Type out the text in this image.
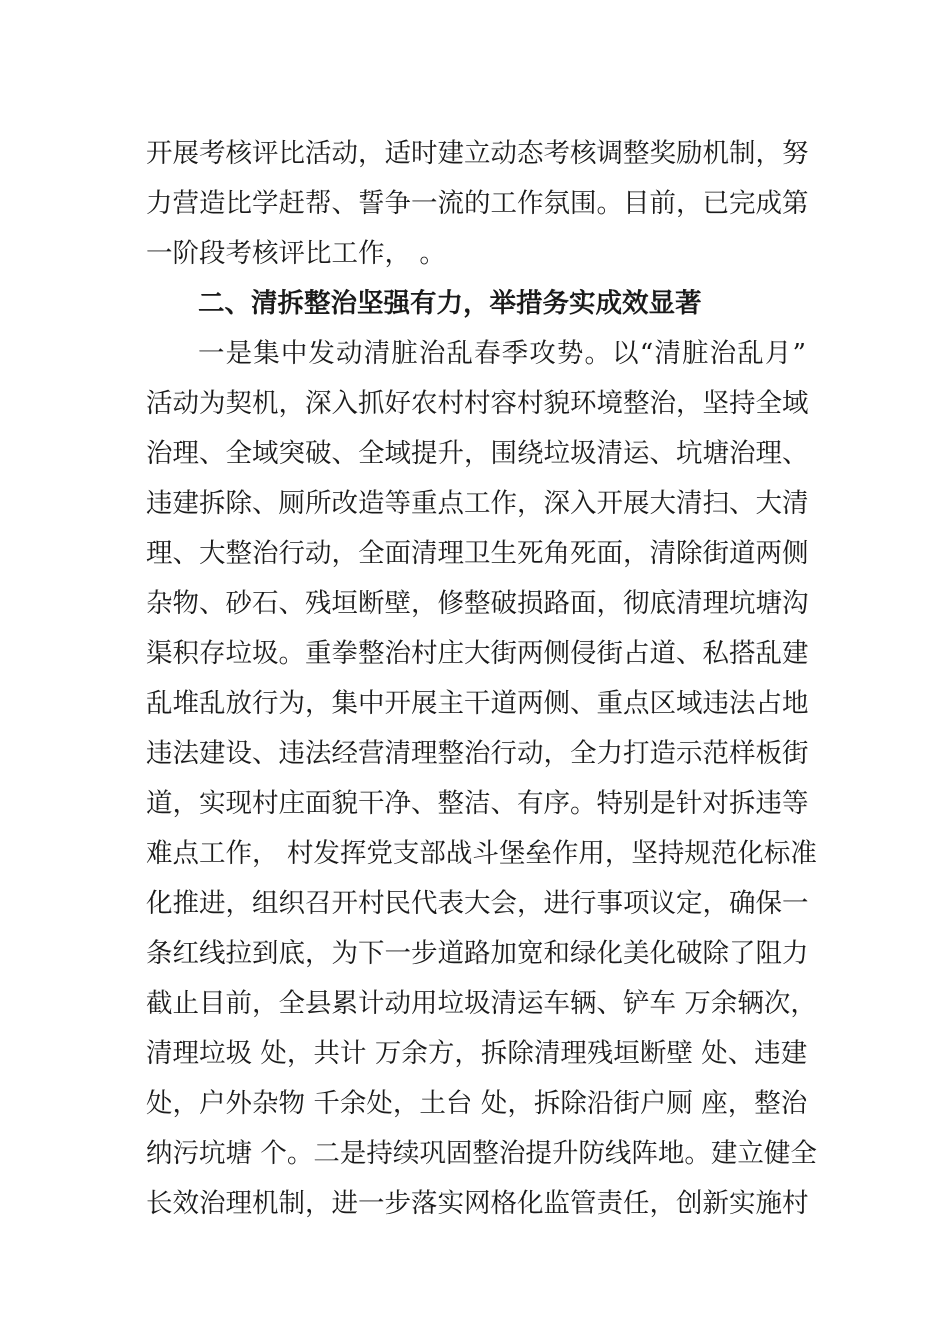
开展考核评比活动，适时建立动态考核调整奖励机制，努
力营造比学赶帮、誓争一流的工作氛围。目前，已完成第
一阶段考核评比工作， 。
二、清拆整治坚强有力，举措务实成效显著
一是集中发动清脏治乱春季攻势。以“清脏治乱月”
活动为契机，深入抓好农村村容村貌环境整治，坚持全域
治理、全域突破、全域提升，围绕垃圾清运、坑塘治理、
违建拆除、厕所改造等重点工作，深入开展大清扫、大清
理、大整治行动，全面清理卫生死角死面，清除街道两侧
杂物、砂石、残垣断壁，修整破损路面，彻底清理坑塘沟
渠积存垃圾。重拳整治村庄大街两侧侵街占道、私搭乱建
乱堆乱放行为，集中开展主干道两侧、重点区域违法占地
违法建设、违法经营清理整治行动，全力打造示范样板街
道，实现村庄面貌干净、整洁、有序。特别是针对拆违等
难点工作， 村发挥党支部战斗堡垒作用，坚持规范化标准
化推进，组织召开村民代表大会，进行事项议定，确保一
条红线拉到底，为下一步道路加宽和绿化美化破除了阻力
截止目前，全县累计动用垃圾清运车辆、铲车 万余辆次，
清理垃圾 处，共计 万余方，拆除清理残垣断壁 处、违建
处，户外杂物 千余处，土台 处，拆除沿街户厕 座，整治
纳污坑塘 个。二是持续巩固整治提升防线阵地。建立健全
长效治理机制，进一步落实网格化监管责任，创新实施村
